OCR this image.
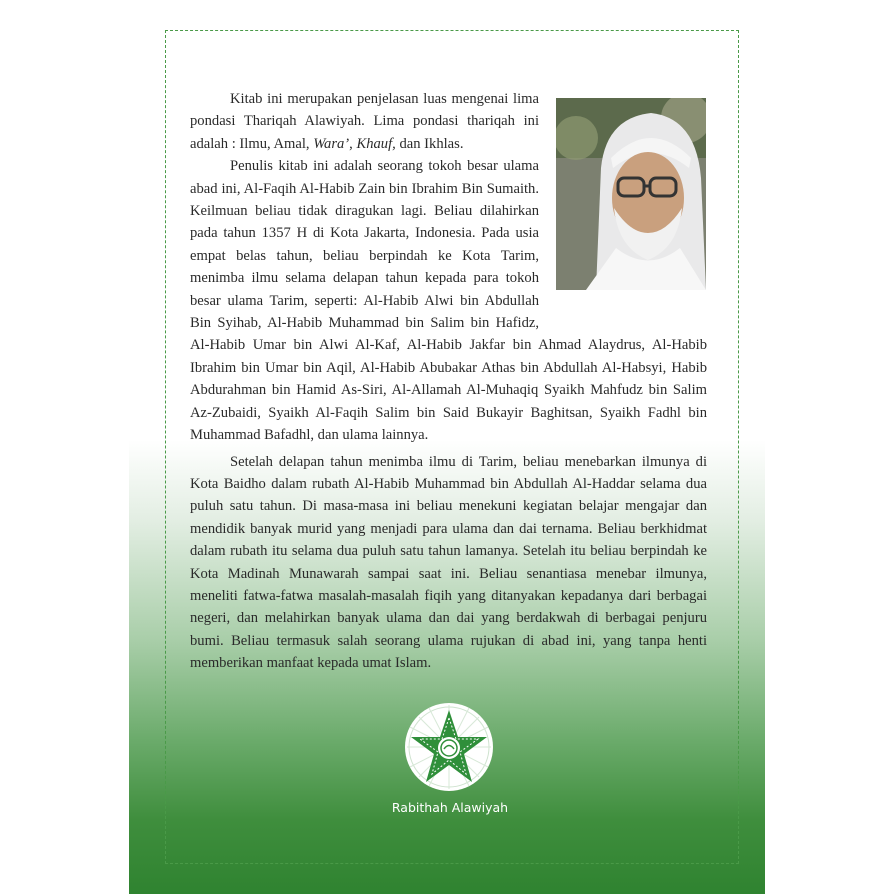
Kitab ini merupakan penjelasan luas mengenai lima pondasi Thariqah Alawiyah. Lima pondasi thariqah ini adalah : Ilmu, Amal, Wara’, Khauf, dan Ikhlas.

Penulis kitab ini adalah seorang tokoh besar ulama abad ini, Al-Faqih Al-Habib Zain bin Ibrahim Bin Sumaith. Keilmuan beliau tidak diragukan lagi. Beliau dilahirkan pada tahun 1357 H di Kota Jakarta, Indonesia. Pada usia empat belas tahun, beliau berpindah ke Kota Tarim, menimba ilmu selama delapan tahun kepada para tokoh besar ulama Tarim, seperti: Al-Habib Alwi bin Abdullah Bin Syihab, Al-Habib Muhammad bin Salim bin Hafidz, Al-Habib Umar bin Alwi Al-Kaf, Al-Habib Jakfar bin Ahmad Alaydrus, Al-Habib Ibrahim bin Umar bin Aqil, Al-Habib Abubakar Athas bin Abdullah Al-Habsyi, Habib Abdurahman bin Hamid As-Siri, Al-Allamah Al-Muhaqiq Syaikh Mahfudz bin Salim Az-Zubaidi, Syaikh Al-Faqih Salim bin Said Bukayir Baghitsan, Syaikh Fadhl bin Muhammad Bafadhl, dan ulama lainnya.

Setelah delapan tahun menimba ilmu di Tarim, beliau menebarkan ilmunya di Kota Baidho dalam rubath Al-Habib Muhammad bin Abdullah Al-Haddar selama dua puluh satu tahun. Di masa-masa ini beliau menekuni kegiatan belajar mengajar dan mendidik banyak murid yang menjadi para ulama dan dai ternama. Beliau berkhidmat dalam rubath itu selama dua puluh satu tahun lamanya. Setelah itu beliau berpindah ke Kota Madinah Munawarah sampai saat ini. Beliau senantiasa menebar ilmunya, meneliti fatwa-fatwa masalah-masalah fiqih yang ditanyakan kepadanya dari berbagai negeri, dan melahirkan banyak ulama dan dai yang berdakwah di berbagai penjuru bumi. Beliau termasuk salah seorang ulama rujukan di abad ini, yang tanpa henti memberikan manfaat kepada umat Islam.

Rabithah Alawiyah
